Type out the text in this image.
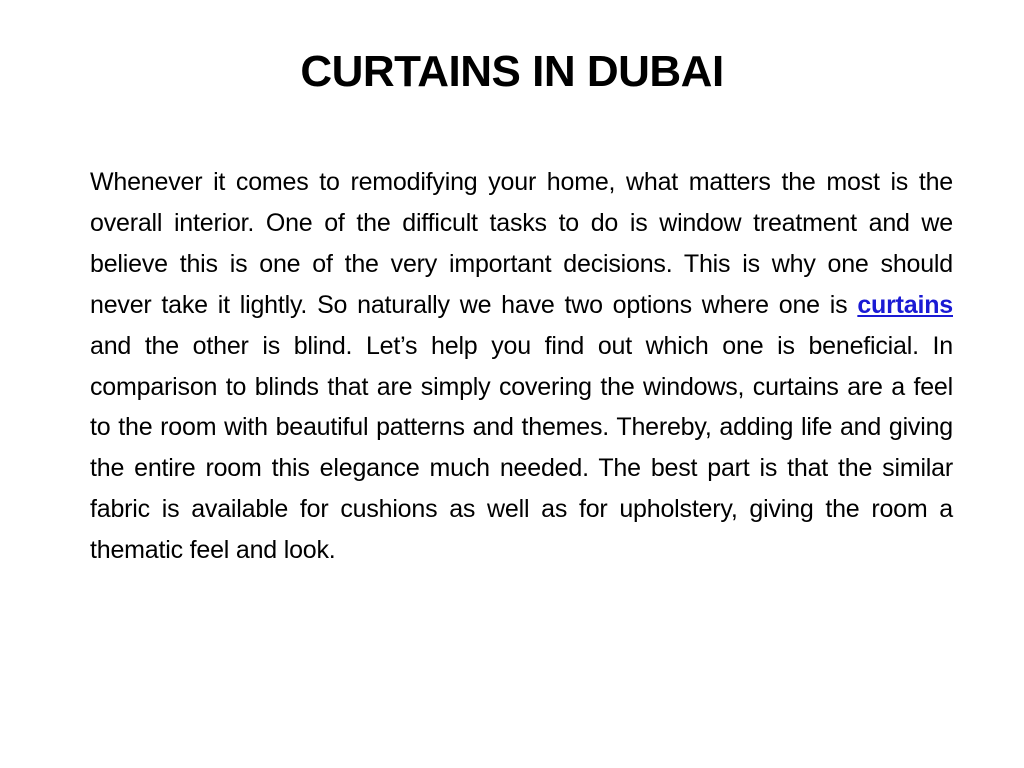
CURTAINS IN DUBAI

Whenever it comes to remodifying your home, what matters the most is the overall interior. One of the difficult tasks to do is window treatment and we believe this is one of the very important decisions. This is why one should never take it lightly. So naturally we have two options where one is curtains and the other is blind. Let’s help you find out which one is beneficial. In comparison to blinds that are simply covering the windows, curtains are a feel to the room with beautiful patterns and themes. Thereby, adding life and giving the entire room this elegance much needed. The best part is that the similar fabric is available for cushions as well as for upholstery, giving the room a thematic feel and look.
